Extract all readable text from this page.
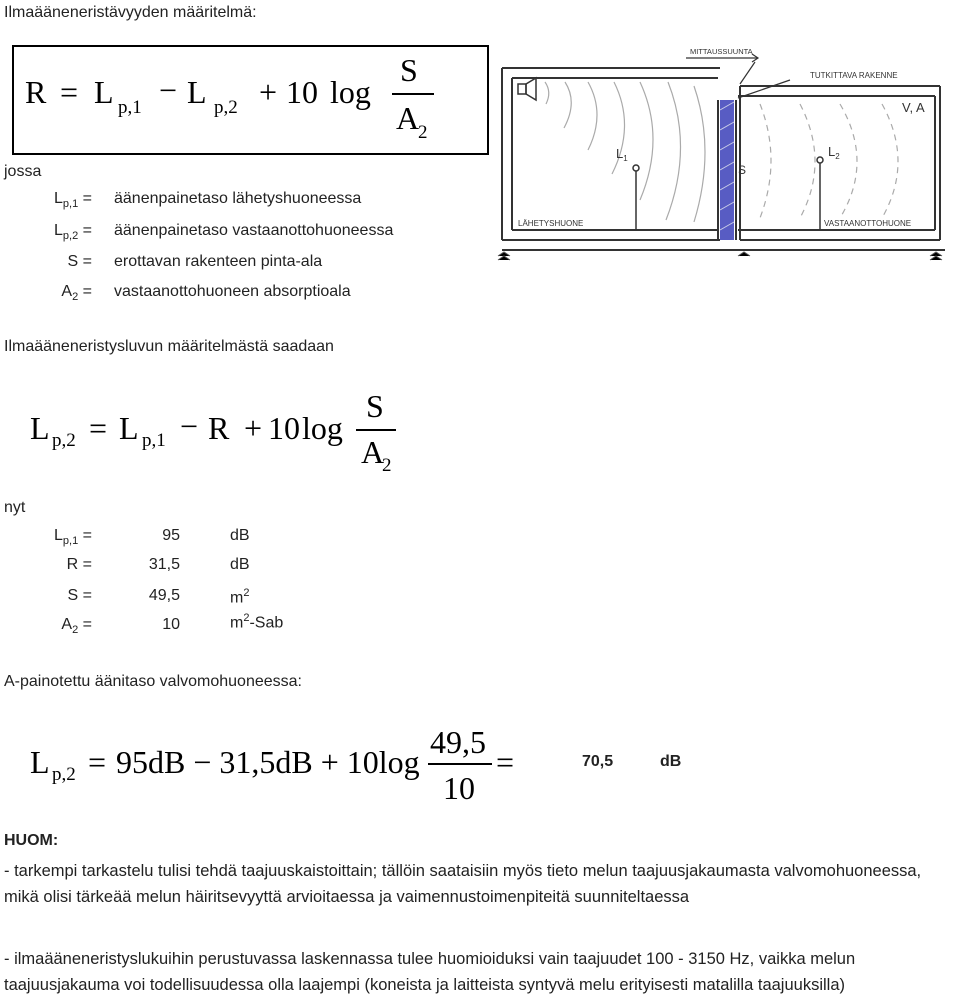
Ilmaääneneristävyyden määritelmä:
R = L p,1 − L p,2 + 10 log
S
A
2
jossa
$L_{p,1}$ = äänenpainetaso lähetyshuoneessa
$L_{p,2}$ = äänenpainetaso vastaanottohuoneessa
S = erottavan rakenteen pinta-ala
$A_2$ = vastaanottohuoneen absorptioala
MITTAUSSUUNTA
TUTKITTAVA RAKENNE
V, A
$L_1$	$L_2$
S
LÄHETYSHUONE	VASTAANOTTOHUONE
Ilmaääneneristysluvun määritelmästä saadaan
L p,2 = L p,1 − R + 10 log
S
A
2
nyt
$L_{p,1}$ =	95	dB
R =	31,5	dB
S =	49,5	$m^2$
$A_2$ =	10	$m^2$-Sab
A-painotettu äänitaso valvomohuoneessa:
L p,2 = 95dB − 31,5dB + 10log
49,5
10
=	70,5	dB
HUOM:
- tarkempi tarkastelu tulisi tehdä taajuuskaistoittain; tällöin saataisiin myös tieto melun taajuusjakaumasta valvomohuoneessa, mikä olisi tärkeää melun häiritsevyyttä arvioitaessa ja vaimennustoimenpiteitä suunniteltaessa
- ilmaääneneristyslukuihin perustuvassa laskennassa tulee huomioiduksi vain taajuudet 100 - 3150 Hz, vaikka melun taajuusjakauma voi todellisuudessa olla laajempi (koneista ja laitteista syntyvä melu erityisesti matalilla taajuuksilla)
